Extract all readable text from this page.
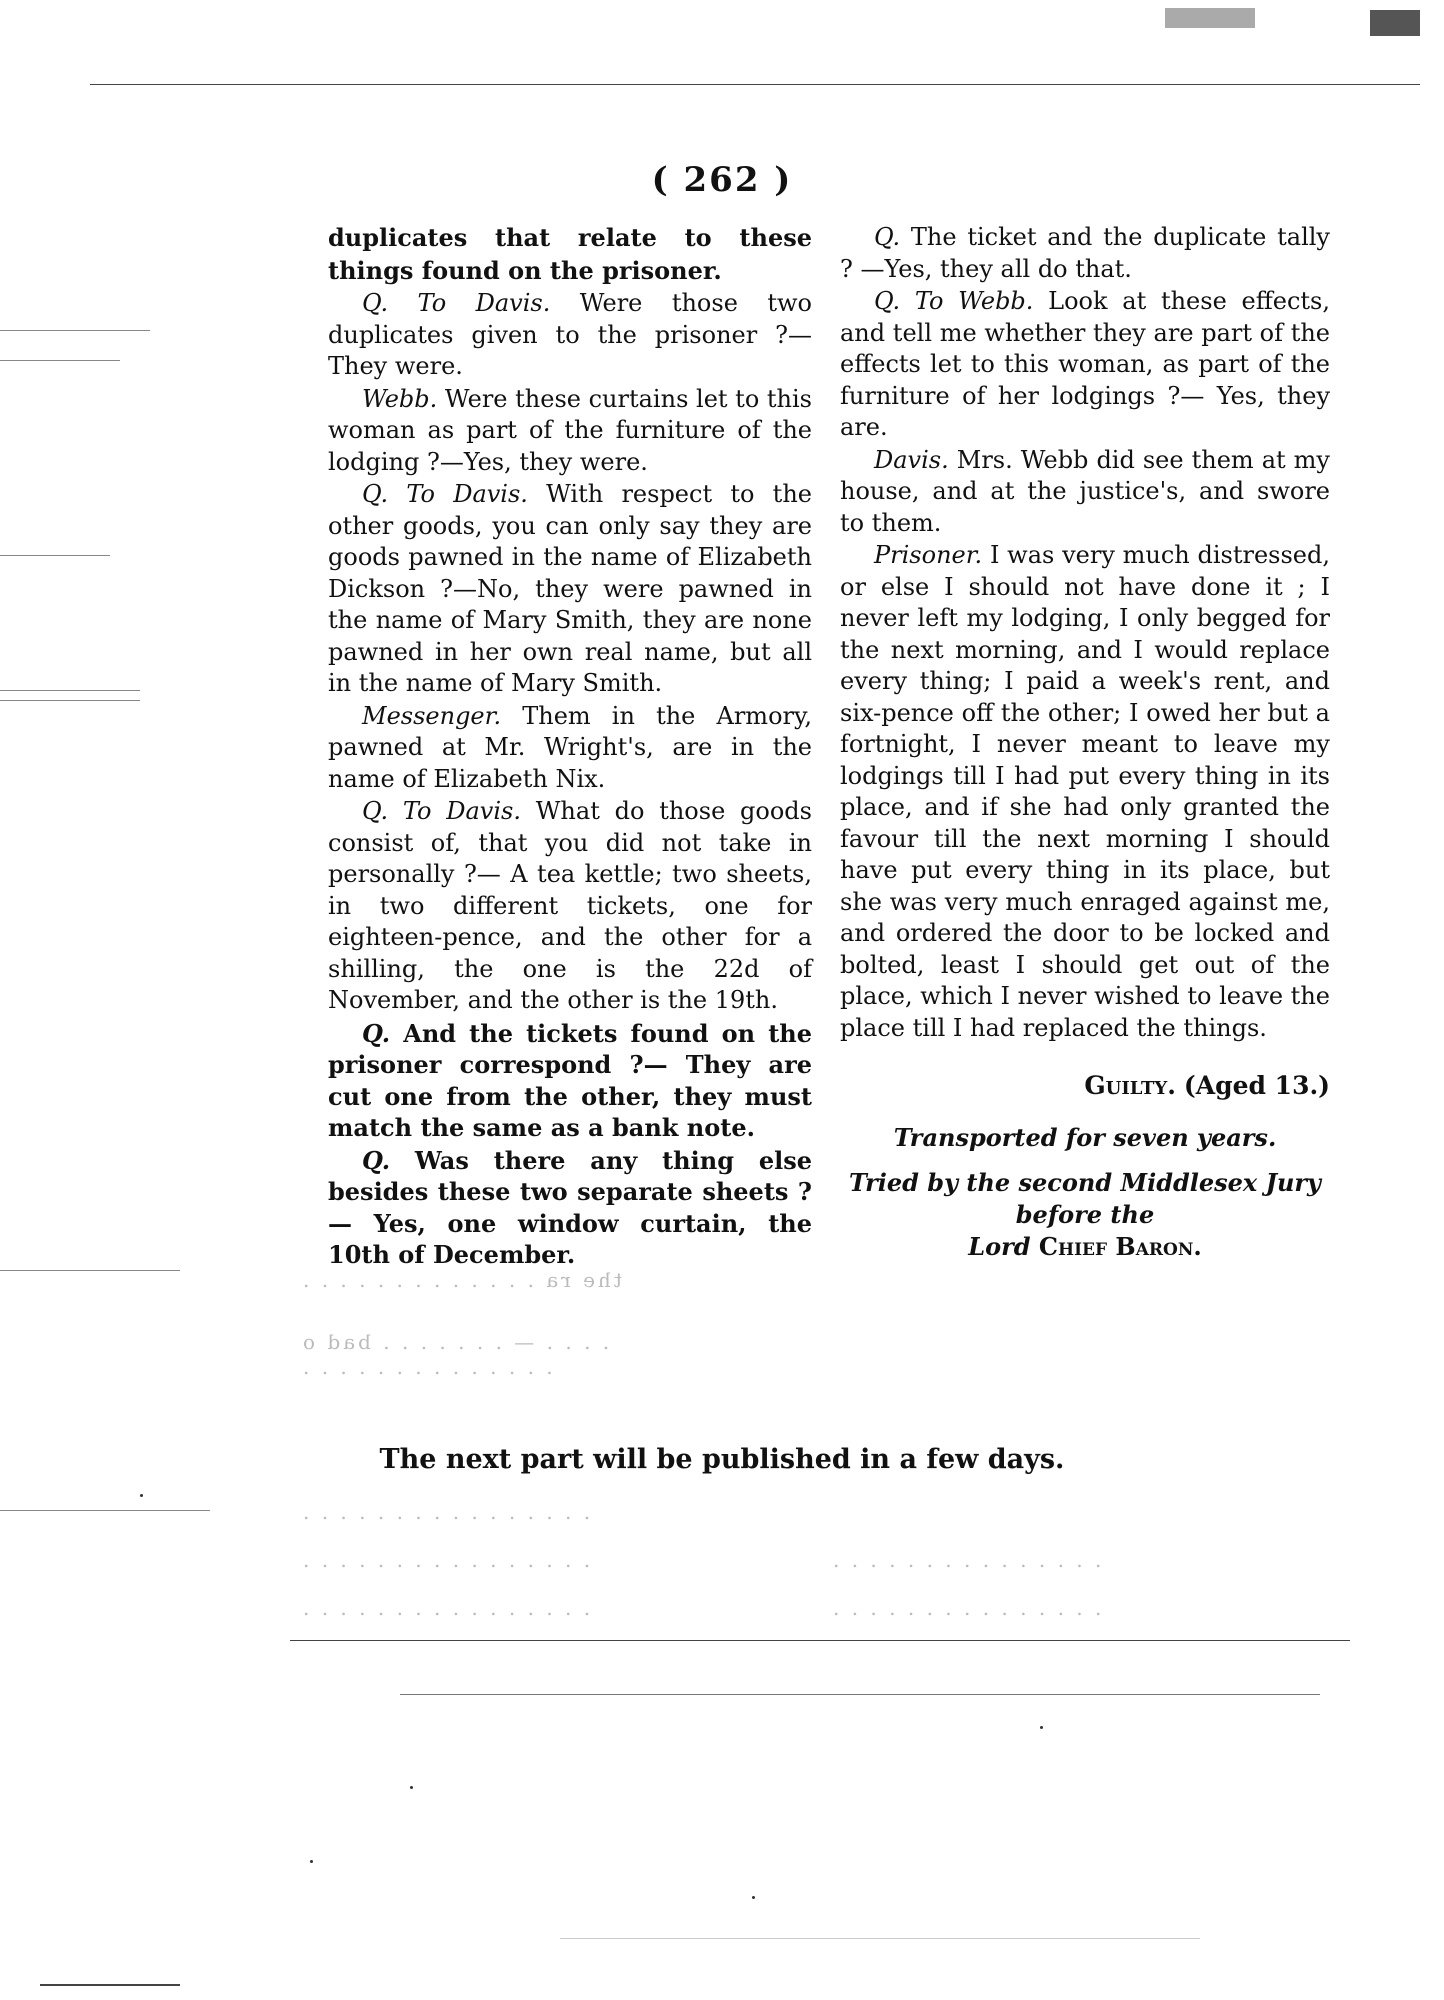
( 262 )

duplicates that relate to these things found on the prisoner.

Q. To Davis. Were those two duplicates given to the prisoner ?— They were.

Webb. Were these curtains let to this woman as part of the furniture of the lodging ?—Yes, they were.

Q. To Davis. With respect to the other goods, you can only say they are goods pawned in the name of Elizabeth Dickson ?—No, they were pawned in the name of Mary Smith, they are none pawned in her own real name, but all in the name of Mary Smith.

Messenger. Them in the Armory, pawned at Mr. Wright's, are in the name of Elizabeth Nix.

Q. To Davis. What do those goods consist of, that you did not take in personally ?— A tea kettle; two sheets, in two different tickets, one for eighteen-pence, and the other for a shilling, the one is the 22d of November, and the other is the 19th.

Q. And the tickets found on the prisoner correspond ?— They are cut one from the other, they must match the same as a bank note.

Q. Was there any thing else besides these two separate sheets ?— Yes, one window curtain, the 10th of December.

Q. The ticket and the duplicate tally ? —Yes, they all do that.

Q. To Webb. Look at these effects, and tell me whether they are part of the effects let to this woman, as part of the furniture of her lodgings ?— Yes, they are.

Davis. Mrs. Webb did see them at my house, and at the justice's, and swore to them.

Prisoner. I was very much distressed, or else I should not have done it ; I never left my lodging, I only begged for the next morning, and I would replace every thing; I paid a week's rent, and six-pence off the other; I owed her but a fortnight, I never meant to leave my lodgings till I had put every thing in its place, and if she had only granted the favour till the next morning I should have put every thing in its place, but she was very much enraged against me, and ordered the door to be locked and bolted, least I should get out of the place, which I never wished to leave the place till I had replaced the things.

Guilty. (Aged 13.)
Transported for seven years.
Tried by the second Middlesex Jury before the
Lord Chief Baron.
the ra . . . . . . . . . . . . .
. . . . — . . . . . . . bad o
. . . . . . . . . . . . . .
. . . . . . . . . . . . . . . .
. . . . . . . . . . . . . . . .
. . . . . . . . . . . . . . . .
. . . . . . . . . . . . . . .
. . . . . . . . . . . . . . .
The next part will be published in a few days.
